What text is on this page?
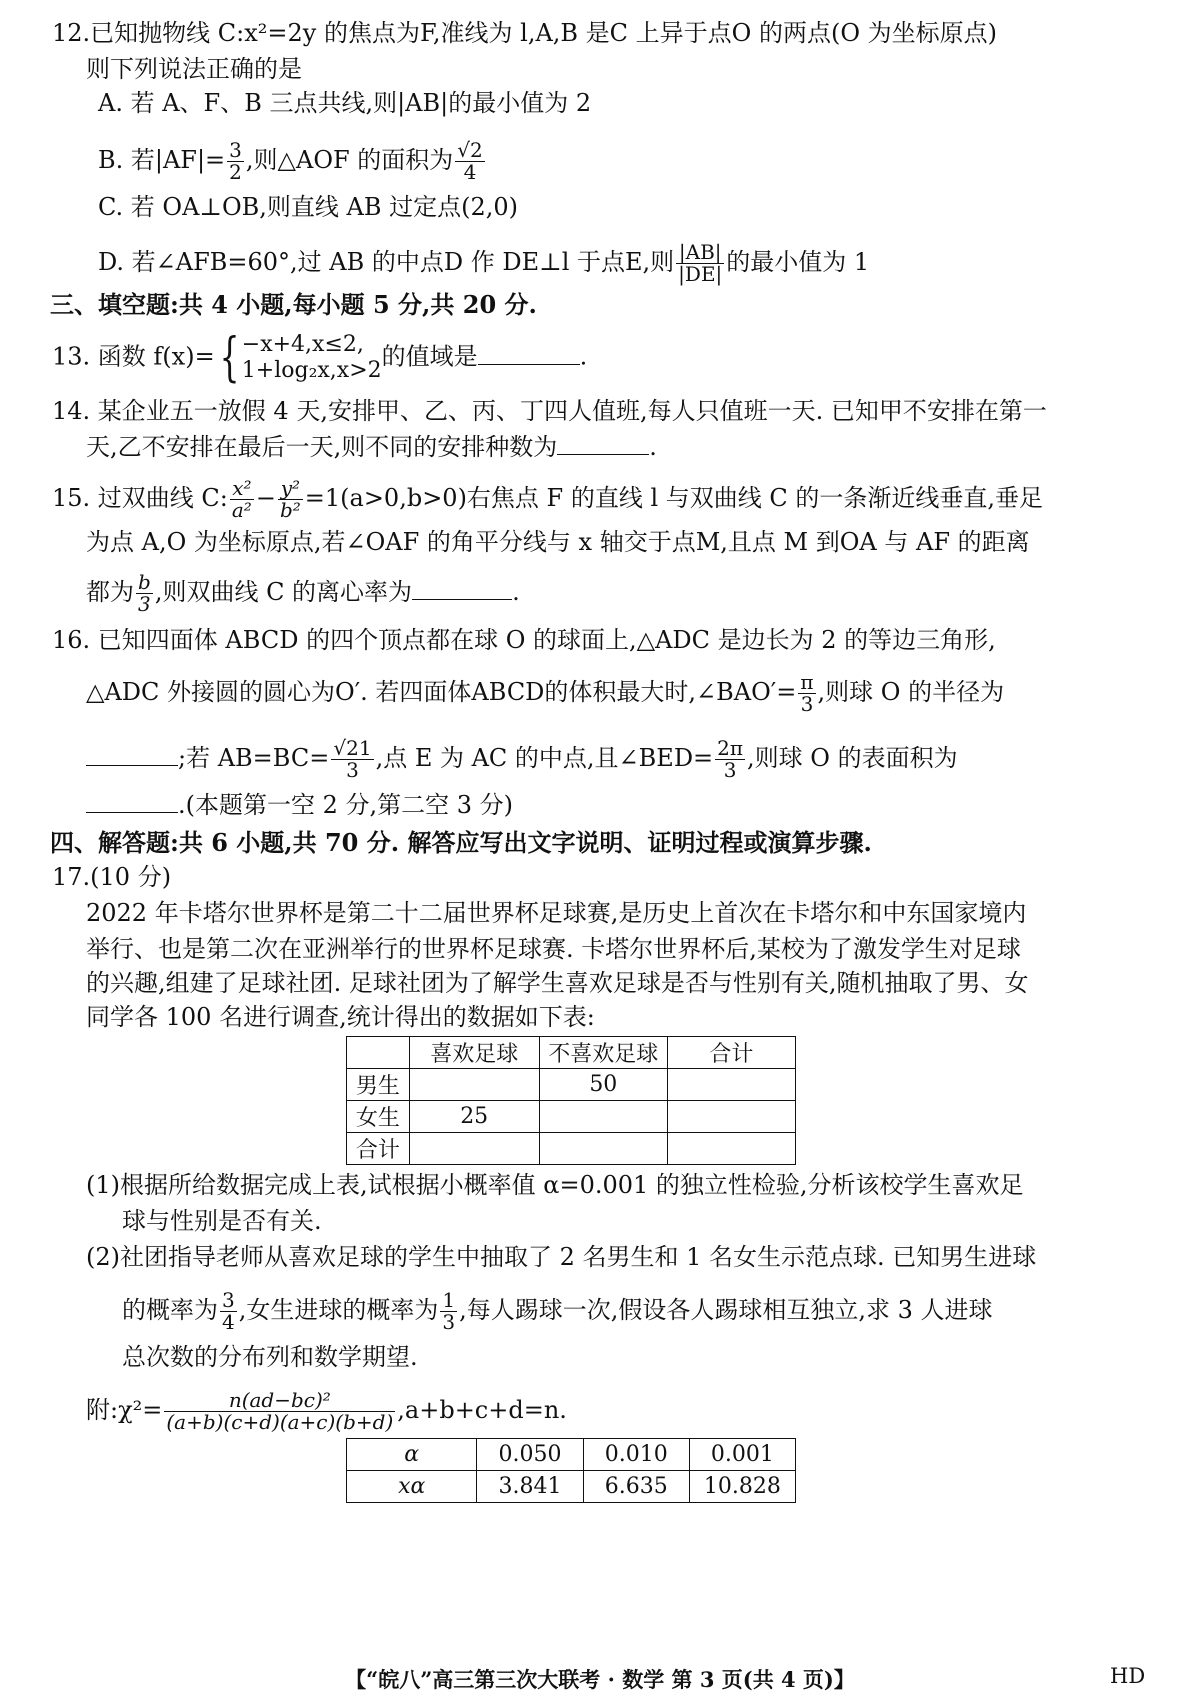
12.已知抛物线 C:x²=2y 的焦点为F,准线为 l,A,B 是C 上异于点O 的两点(O 为坐标原点)
则下列说法正确的是
A. 若 A、F、B 三点共线,则|AB|的最小值为 2
B. 若$|AF|= \frac{3}{2}$ ,则△AOF 的面积为 $\frac{√2}{4}$
C. 若 OA⊥OB,则直线 AB 过定点(2,0)
D. 若∠AFB=60°,过 AB 的中点D 作 DE⊥l 于点E,则 $\frac{|AB|}{|DE|}$ 的最小值为 1
三、填空题:共 4 小题,每小题 5 分,共 20 分.
13. 函数 f(x)={ −x+4,x≤2,
1+log₂x,x>2 的值域是	.
14. 某企业五一放假 4 天,安排甲、乙、丙、丁四人值班,每人只值班一天. 已知甲不安排在第一
天,乙不安排在最后一天,则不同的安排种数为	.
15. 过双曲线 C: $\frac{\text{x²}}{\text{a²}} - \frac{\text{y²}}{\text{b²}} =1(a>0,b>0)$右焦点 F 的直线 l 与双曲线 C 的一条渐近线垂直,垂足
为点 A,O 为坐标原点,若∠OAF 的角平分线与 x 轴交于点M,且点 M 到OA 与 AF 的距离
都为 $\frac{b}{3}$ ,则双曲线 C 的离心率为	.
16. 已知四面体 ABCD 的四个顶点都在球 O 的球面上,△ADC 是边长为 2 的等边三角形,
△ADC 外接圆的圆心为O′. 若四面体ABCD的体积最大时,∠BAO′= $\frac{\pi}{3}$ ,则球 O 的半径为
;若 $AB=BC= \frac{√21}{3}$ ,点 E 为 AC 的中点,且∠BED= $\frac{2\pi}{3}$ ,则球 O 的表面积为
.(本题第一空 2 分,第二空 3 分)
四、解答题:共 6 小题,共 70 分. 解答应写出文字说明、证明过程或演算步骤.
17.(10 分)
2022 年卡塔尔世界杯是第二十二届世界杯足球赛,是历史上首次在卡塔尔和中东国家境内
举行、也是第二次在亚洲举行的世界杯足球赛. 卡塔尔世界杯后,某校为了激发学生对足球
的兴趣,组建了足球社团. 足球社团为了解学生喜欢足球是否与性别有关,随机抽取了男、女
同学各 100 名进行调查,统计得出的数据如下表:
	喜欢足球	不喜欢足球	合计
男生		50	
女生	25		
合计			
(1)根据所给数据完成上表,试根据小概率值 α=0.001 的独立性检验,分析该校学生喜欢足
球与性别是否有关.
(2)社团指导老师从喜欢足球的学生中抽取了 2 名男生和 1 名女生示范点球. 已知男生进球
的概率为 $\frac{3}{4}$ ,女生进球的概率为 $\frac{1}{3}$ ,每人踢球一次,假设各人踢球相互独立,求 3 人进球
总次数的分布列和数学期望.
附:χ²= $\frac{\text{n(ad−bc)²}}{(a+b)(c+d)(a+c)(b+d)} ,a+b+c+d=n$.
α	0.050	0.010	0.001
xα	3.841	6.635	10.828
【“皖八”高三第三次大联考 · 数学 第 3 页(共 4 页)】	HD
